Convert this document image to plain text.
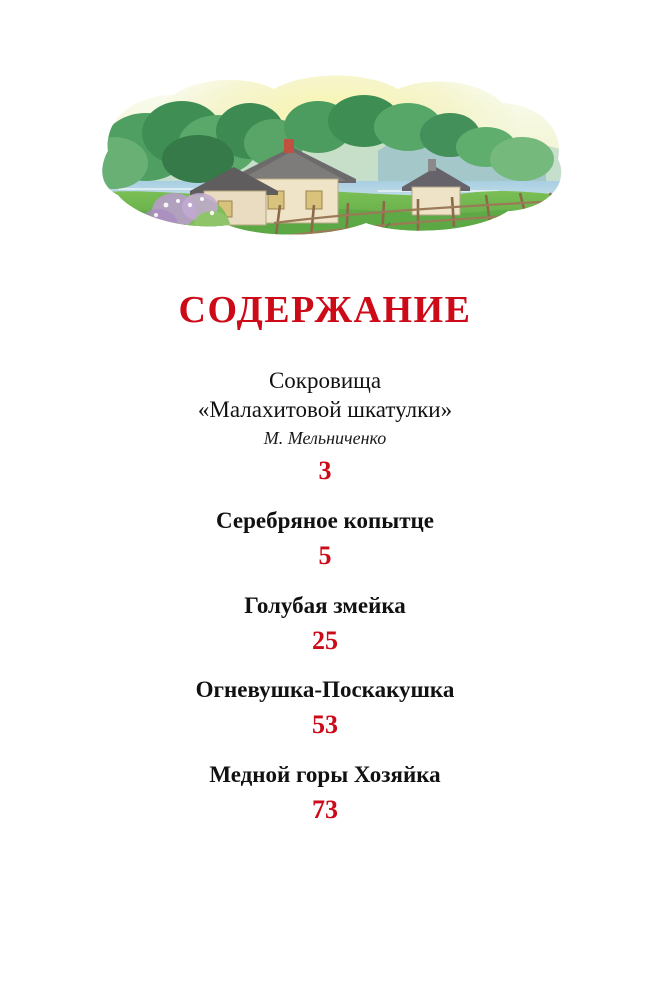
СОДЕРЖАНИЕ

Сокровища
«Малахитовой шкатулки»

М. Мельниченко

3

Серебряное копытце

5

Голубая змейка

25

Огневушка-Поскакушка

53

Медной горы Хозяйка

73
